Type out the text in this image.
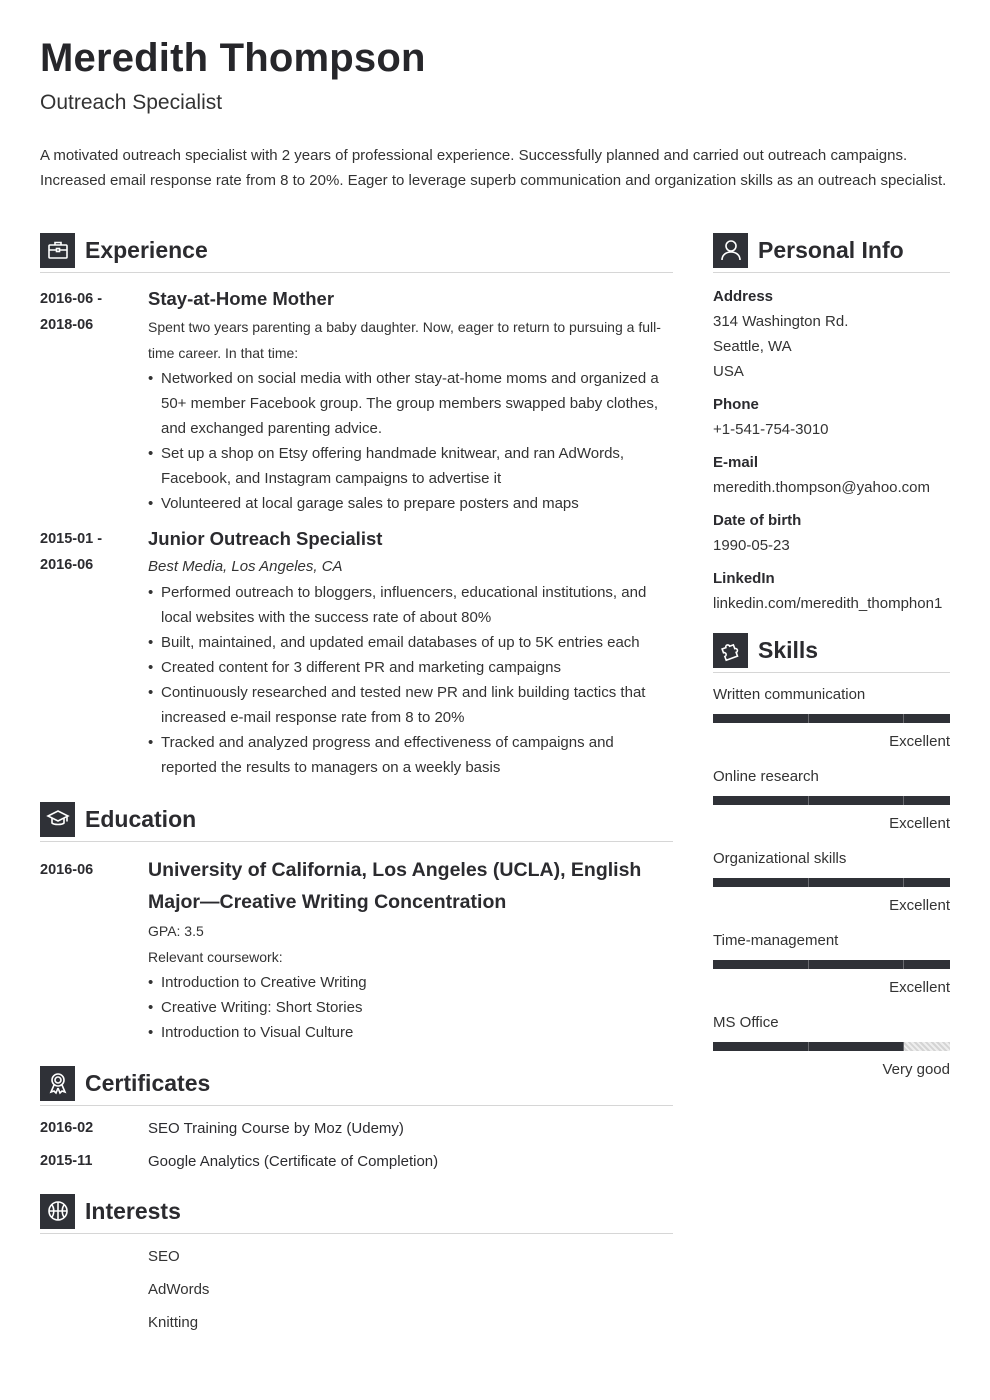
Meredith Thompson
Outreach Specialist
A motivated outreach specialist with 2 years of professional experience. Successfully planned and carried out outreach campaigns. Increased email response rate from 8 to 20%. Eager to leverage superb communication and organization skills as an outreach specialist.
Experience
2016-06 -
2018-06
Stay-at-Home Mother
Spent two years parenting a baby daughter. Now, eager to return to pursuing a full-time career. In that time:
• Networked on social media with other stay-at-home moms and organized a 50+ member Facebook group. The group members swapped baby clothes, and exchanged parenting advice.
• Set up a shop on Etsy offering handmade knitwear, and ran AdWords, Facebook, and Instagram campaigns to advertise it
• Volunteered at local garage sales to prepare posters and maps
2015-01 -
2016-06
Junior Outreach Specialist
Best Media, Los Angeles, CA
• Performed outreach to bloggers, influencers, educational institutions, and local websites with the success rate of about 80%
• Built, maintained, and updated email databases of up to 5K entries each
• Created content for 3 different PR and marketing campaigns
• Continuously researched and tested new PR and link building tactics that increased e-mail response rate from 8 to 20%
• Tracked and analyzed progress and effectiveness of campaigns and reported the results to managers on a weekly basis
Education
2016-06	University of California, Los Angeles (UCLA), English Major—Creative Writing Concentration
GPA: 3.5
Relevant coursework:
• Introduction to Creative Writing
• Creative Writing: Short Stories
• Introduction to Visual Culture
Certificates
2016-02	SEO Training Course by Moz (Udemy)
2015-11	Google Analytics (Certificate of Completion)
Interests
SEO
AdWords
Knitting
Personal Info
Address
314 Washington Rd.
Seattle, WA
USA
Phone
+1-541-754-3010
E-mail
meredith.thompson@yahoo.com
Date of birth
1990-05-23
LinkedIn
linkedin.com/meredith_thomphon1
Skills
Written communication
Excellent
Online research
Excellent
Organizational skills
Excellent
Time-management
Excellent
MS Office
Very good
